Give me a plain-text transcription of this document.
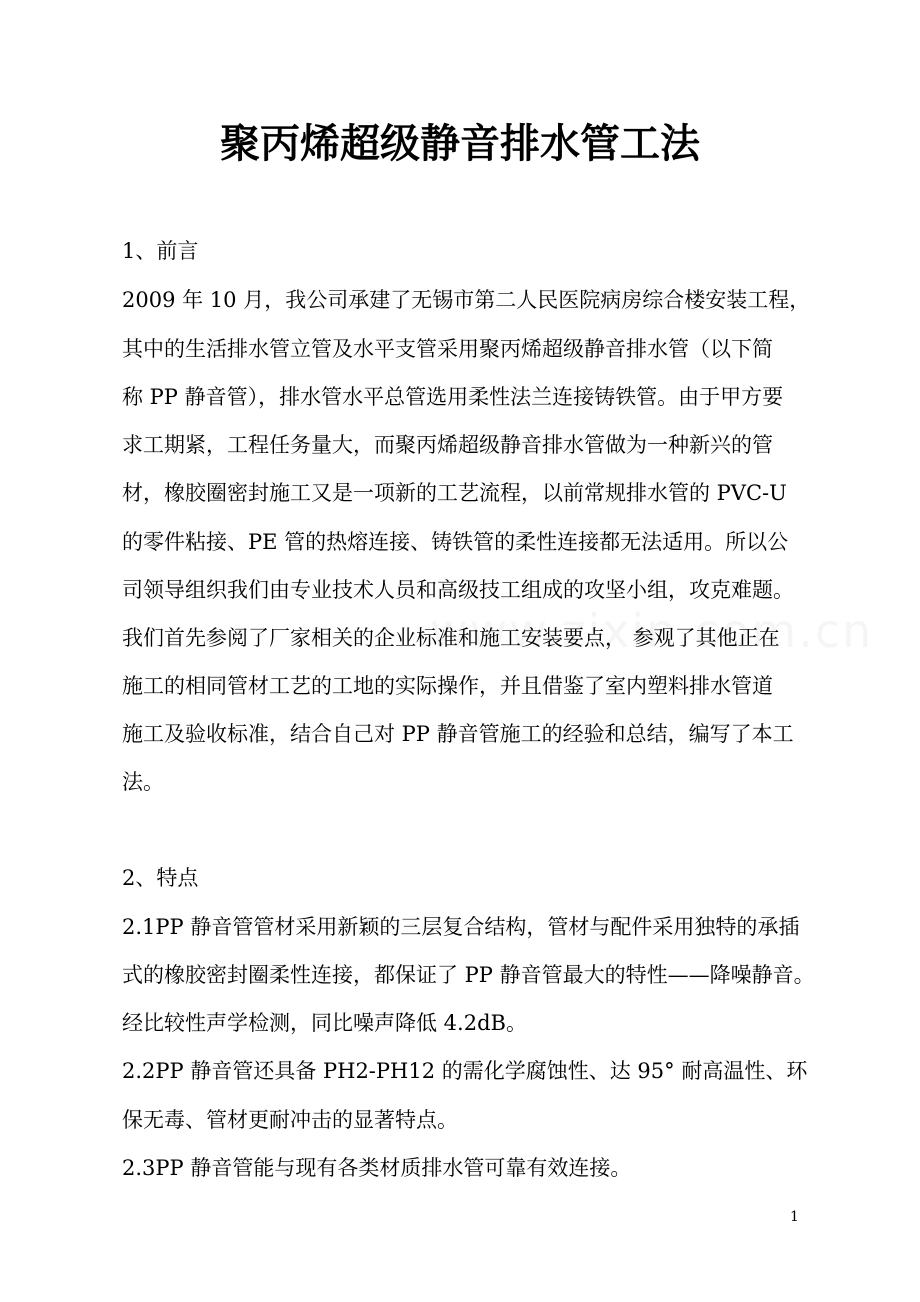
聚丙烯超级静音排水管工法

1、前言

2009 年 10 月，我公司承建了无锡市第二人民医院病房综合楼安装工程，

其中的生活排水管立管及水平支管采用聚丙烯超级静音排水管（以下简

称 PP 静音管），排水管水平总管选用柔性法兰连接铸铁管。由于甲方要

求工期紧，工程任务量大，而聚丙烯超级静音排水管做为一种新兴的管

材，橡胶圈密封施工又是一项新的工艺流程，以前常规排水管的 PVC-U

的零件粘接、PE 管的热熔连接、铸铁管的柔性连接都无法适用。所以公

司领导组织我们由专业技术人员和高级技工组成的攻坚小组，攻克难题。

我们首先参阅了厂家相关的企业标准和施工安装要点， 参观了其他正在

施工的相同管材工艺的工地的实际操作，并且借鉴了室内塑料排水管道

施工及验收标准，结合自己对 PP 静音管施工的经验和总结，编写了本工

法。

2、特点

2.1PP 静音管管材采用新颖的三层复合结构，管材与配件采用独特的承插

式的橡胶密封圈柔性连接，都保证了 PP 静音管最大的特性——降噪静音。

经比较性声学检测，同比噪声降低 4.2dB。

2.2PP 静音管还具备 PH2-PH12 的需化学腐蚀性、达 95° 耐高温性、环

保无毒、管材更耐冲击的显著特点。

2.3PP 静音管能与现有各类材质排水管可靠有效连接。

1
